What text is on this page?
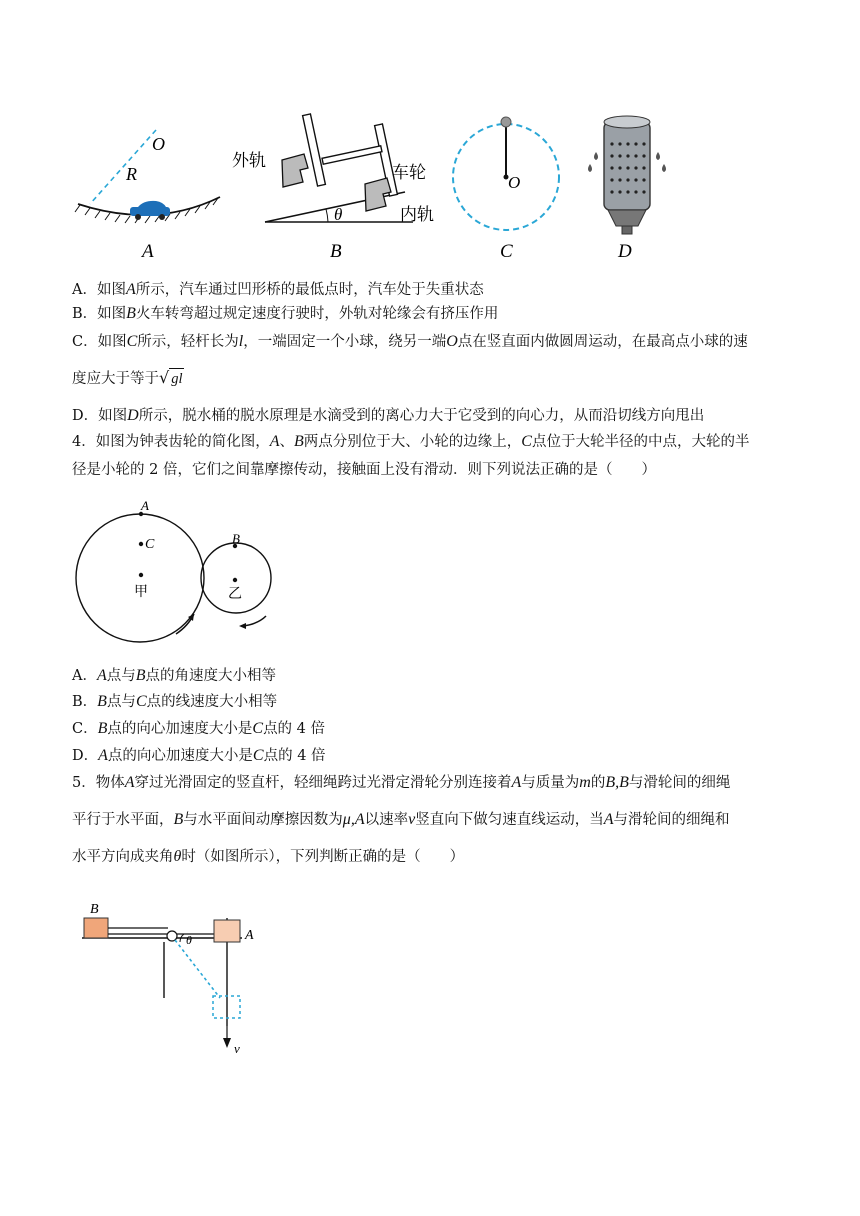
O
R
A
外轨
车轮
θ	内轨
B
O
C	D
A．如图A所示，汽车通过凹形桥的最低点时，汽车处于失重状态
B．如图B火车转弯超过规定速度行驶时，外轨对轮缘会有挤压作用
C．如图C所示，轻杆长为l，一端固定一个小球，绕另一端O点在竖直面内做圆周运动，在最高点小球的速
度应大于等于√ gl
D．如图D所示，脱水桶的脱水原理是水滴受到的离心力大于它受到的向心力，从而沿切线方向甩出
4．如图为钟表齿轮的简化图，A、B两点分别位于大、小轮的边缘上，C点位于大轮半径的中点，大轮的半
径是小轮的 2 倍，它们之间靠摩擦传动，接触面上没有滑动．则下列说法正确的是（　　）
A
C	B
甲	乙
A．A点与B点的角速度大小相等
B．B点与C点的线速度大小相等
C．B点的向心加速度大小是C点的 4 倍
D．A点的向心加速度大小是C点的 4 倍
5．物体A穿过光滑固定的竖直杆，轻细绳跨过光滑定滑轮分别连接着A与质量为m的B,B与滑轮间的细绳
平行于水平面，B与水平面间动摩擦因数为μ,A以速率v竖直向下做匀速直线运动，当A与滑轮间的细绳和
水平方向成夹角θ时（如图所示），下列判断正确的是（　　）
B
A
θ
v
